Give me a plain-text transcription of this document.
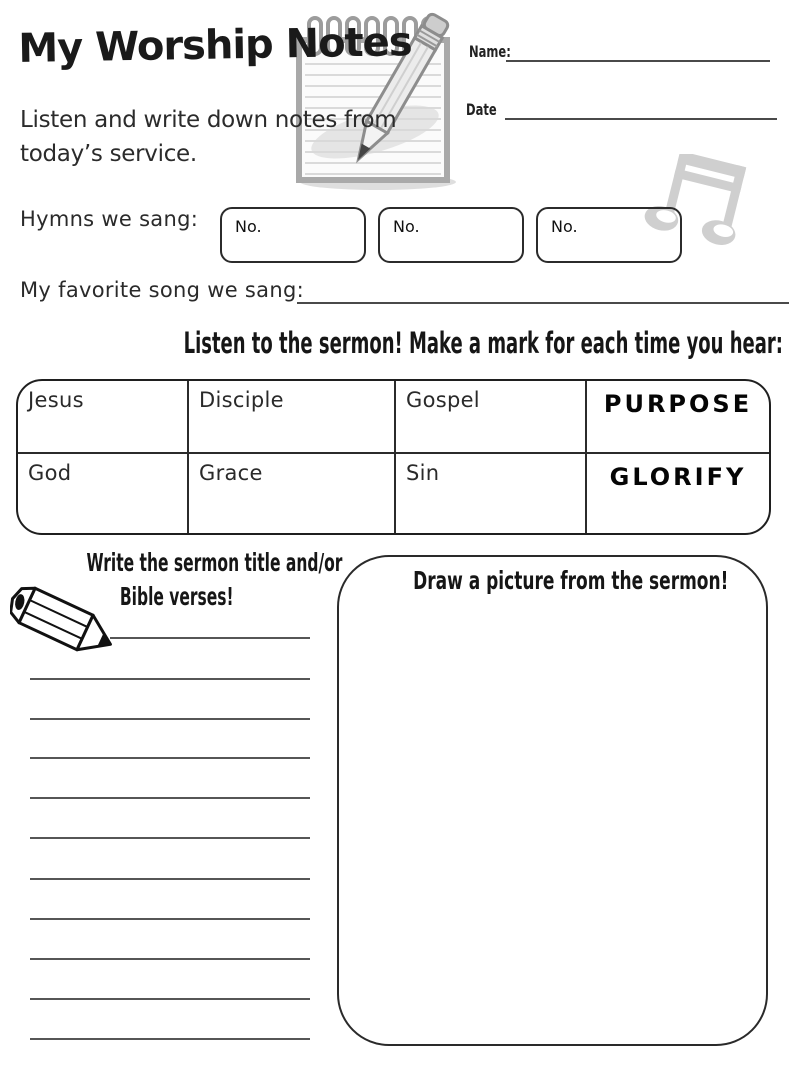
My Worship Notes
Listen and write down notes from
today’s service.
Name:
Date
Hymns we sang: No.	No.	No.
My favorite song we sang:
Listen to the sermon! Make a mark for each time you hear:
Jesus	Disciple	Gospel	PURPOSE
God	Grace	Sin	GLORIFY
Write the sermon title and/or
Bible verses!
Draw a picture from the sermon!
